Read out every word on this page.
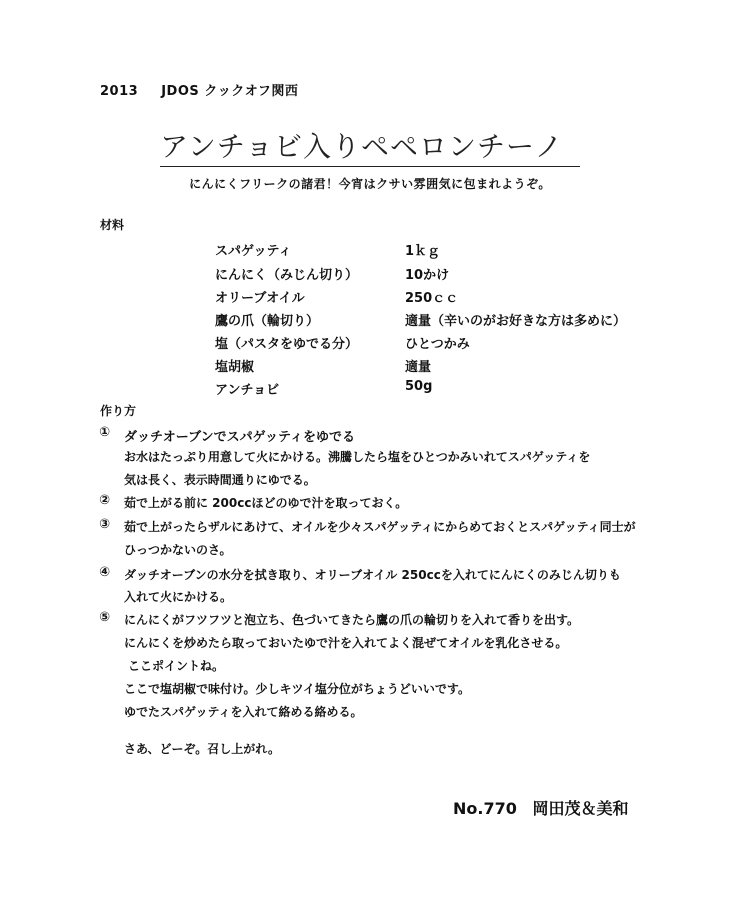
2013 JDOS クックオフ関西
アンチョビ入りペペロンチーノ
にんにくフリークの諸君！今宵はクサい雰囲気に包まれようぞ。
材料
スパゲッティ	1ｋｇ
にんにく（みじん切り）	10かけ
オリーブオイル	250ｃｃ
鷹の爪（輪切り）	適量（辛いのがお好きな方は多めに）
塩（パスタをゆでる分）	ひとつかみ
塩胡椒	適量
アンチョビ	50g
作り方
① ダッチオーブンでスパゲッティをゆでる
お水はたっぷり用意して火にかける。沸騰したら塩をひとつかみいれてスパゲッティを
気は長く、表示時間通りにゆでる。
② 茹で上がる前に 200ccほどのゆで汁を取っておく。
③ 茹で上がったらザルにあけて、オイルを少々スパゲッティにからめておくとスパゲッティ同士が
ひっつかないのさ。
④ ダッチオーブンの水分を拭き取り、オリーブオイル 250ccを入れてにんにくのみじん切りも
入れて火にかける。
⑤ にんにくがフツフツと泡立ち、色づいてきたら鷹の爪の輪切りを入れて香りを出す。
にんにくを炒めたら取っておいたゆで汁を入れてよく混ぜてオイルを乳化させる。
ここポイントね。
ここで塩胡椒で味付け。少しキツイ塩分位がちょうどいいです。
ゆでたスパゲッティを入れて絡める絡める。
さあ、どーぞ。召し上がれ。
No.770 岡田茂＆美和
